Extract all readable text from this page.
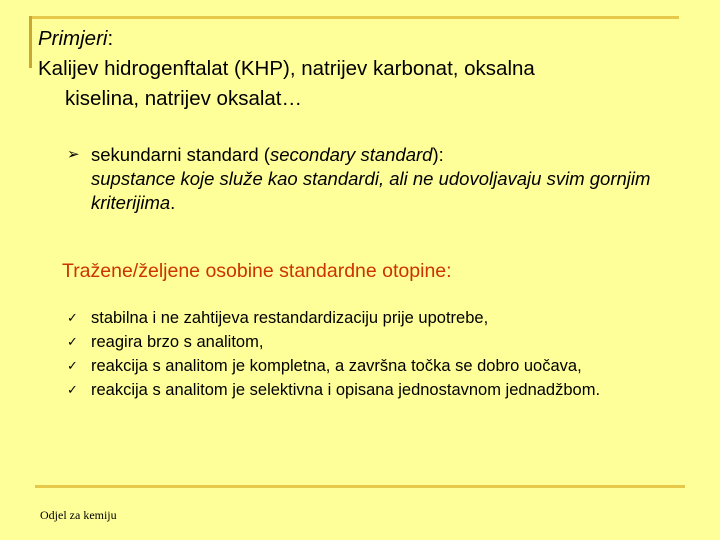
Primjeri:
Kalijev hidrogenftalat (KHP), natrijev karbonat, oksalna
kiselina, natrijev oksalat…
➢ sekundarni standard (secondary standard):
supstance koje služe kao standardi, ali ne udovoljavaju svim gornjim kriterijima.
Tražene/željene osobine standardne otopine:
✓ stabilna i ne zahtijeva restandardizaciju prije upotrebe,
✓ reagira brzo s analitom,
✓ reakcija s analitom je kompletna, a završna točka se dobro uočava,
✓ reakcija s analitom je selektivna i opisana jednostavnom jednadžbom.
Odjel za kemiju
